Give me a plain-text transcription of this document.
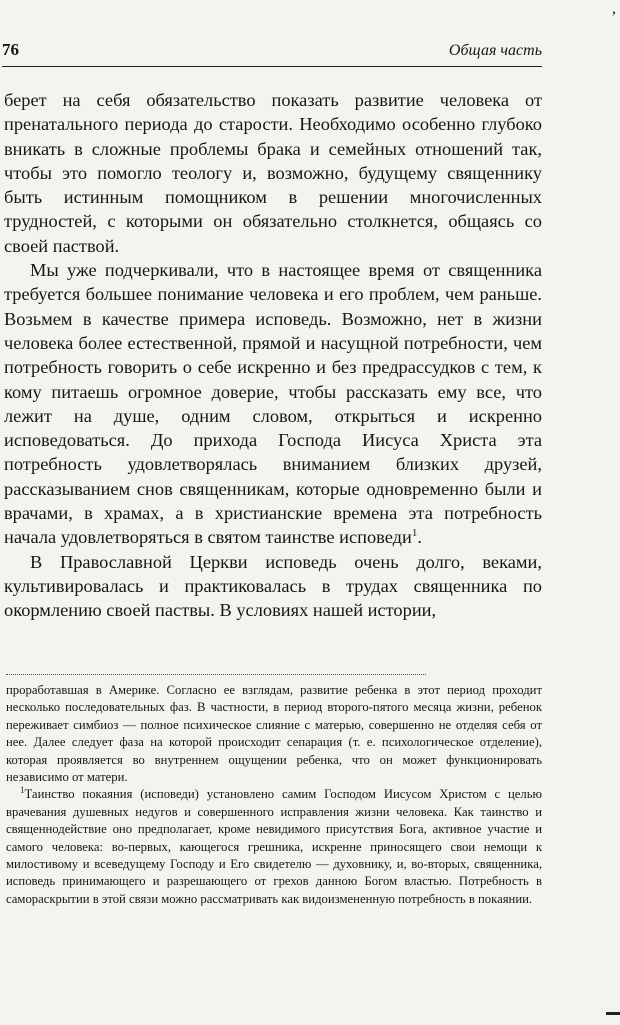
,
76	Общая часть

берет на себя обязательство показать развитие человека от пренатального периода до старости. Необходимо особенно глубоко вникать в сложные проблемы брака и семейных отношений так, чтобы это помогло теологу и, возможно, будущему священнику быть истинным помощником в решении многочисленных трудностей, с которыми он обязательно столкнется, общаясь со своей паствой.

Мы уже подчеркивали, что в настоящее время от священника требуется большее понимание человека и его проблем, чем раньше. Возьмем в качестве примера исповедь. Возможно, нет в жизни человека более естественной, прямой и насущной потребности, чем потребность говорить о себе искренно и без предрассудков с тем, к кому питаешь огромное доверие, чтобы рассказать ему все, что лежит на душе, одним словом, открыться и искренно исповедоваться. До прихода Господа Иисуса Христа эта потребность удовлетворялась вниманием близких друзей, рассказыванием снов священникам, которые одновременно были и врачами, в храмах, а в христианские времена эта потребность начала удовлетворяться в святом таинстве исповеди$^1$.

В Православной Церкви исповедь очень долго, веками, культивировалась и практиковалась в трудах священника по окормлению своей паствы. В условиях нашей истории,

проработавшая в Америке. Согласно ее взглядам, развитие ребенка в этот период проходит несколько последовательных фаз. В частности, в период второго-пятого месяца жизни, ребенок переживает симбиоз — полное психическое слияние с матерью, совершенно не отделяя себя от нее. Далее следует фаза на которой происходит сепарация (т. е. психологическое отделение), которая проявляется во внутреннем ощущении ребенка, что он может функционировать независимо от матери.

$^1$Таинство покаяния (исповеди) установлено самим Господом Иисусом Христом с целью врачевания душевных недугов и совершенного исправления жизни человека. Как таинство и священнодействие оно предполагает, кроме невидимого присутствия Бога, активное участие и самого человека: во-первых, кающегося грешника, искренне приносящего свои немощи к милостивому и всеведущему Господу и Его свидетелю — духовнику, и, во-вторых, священника, исповедь принимающего и разрешающего от грехов данною Богом властью. Потребность в самораскрытии в этой связи можно рассматривать как видоизмененную потребность в покаянии.
